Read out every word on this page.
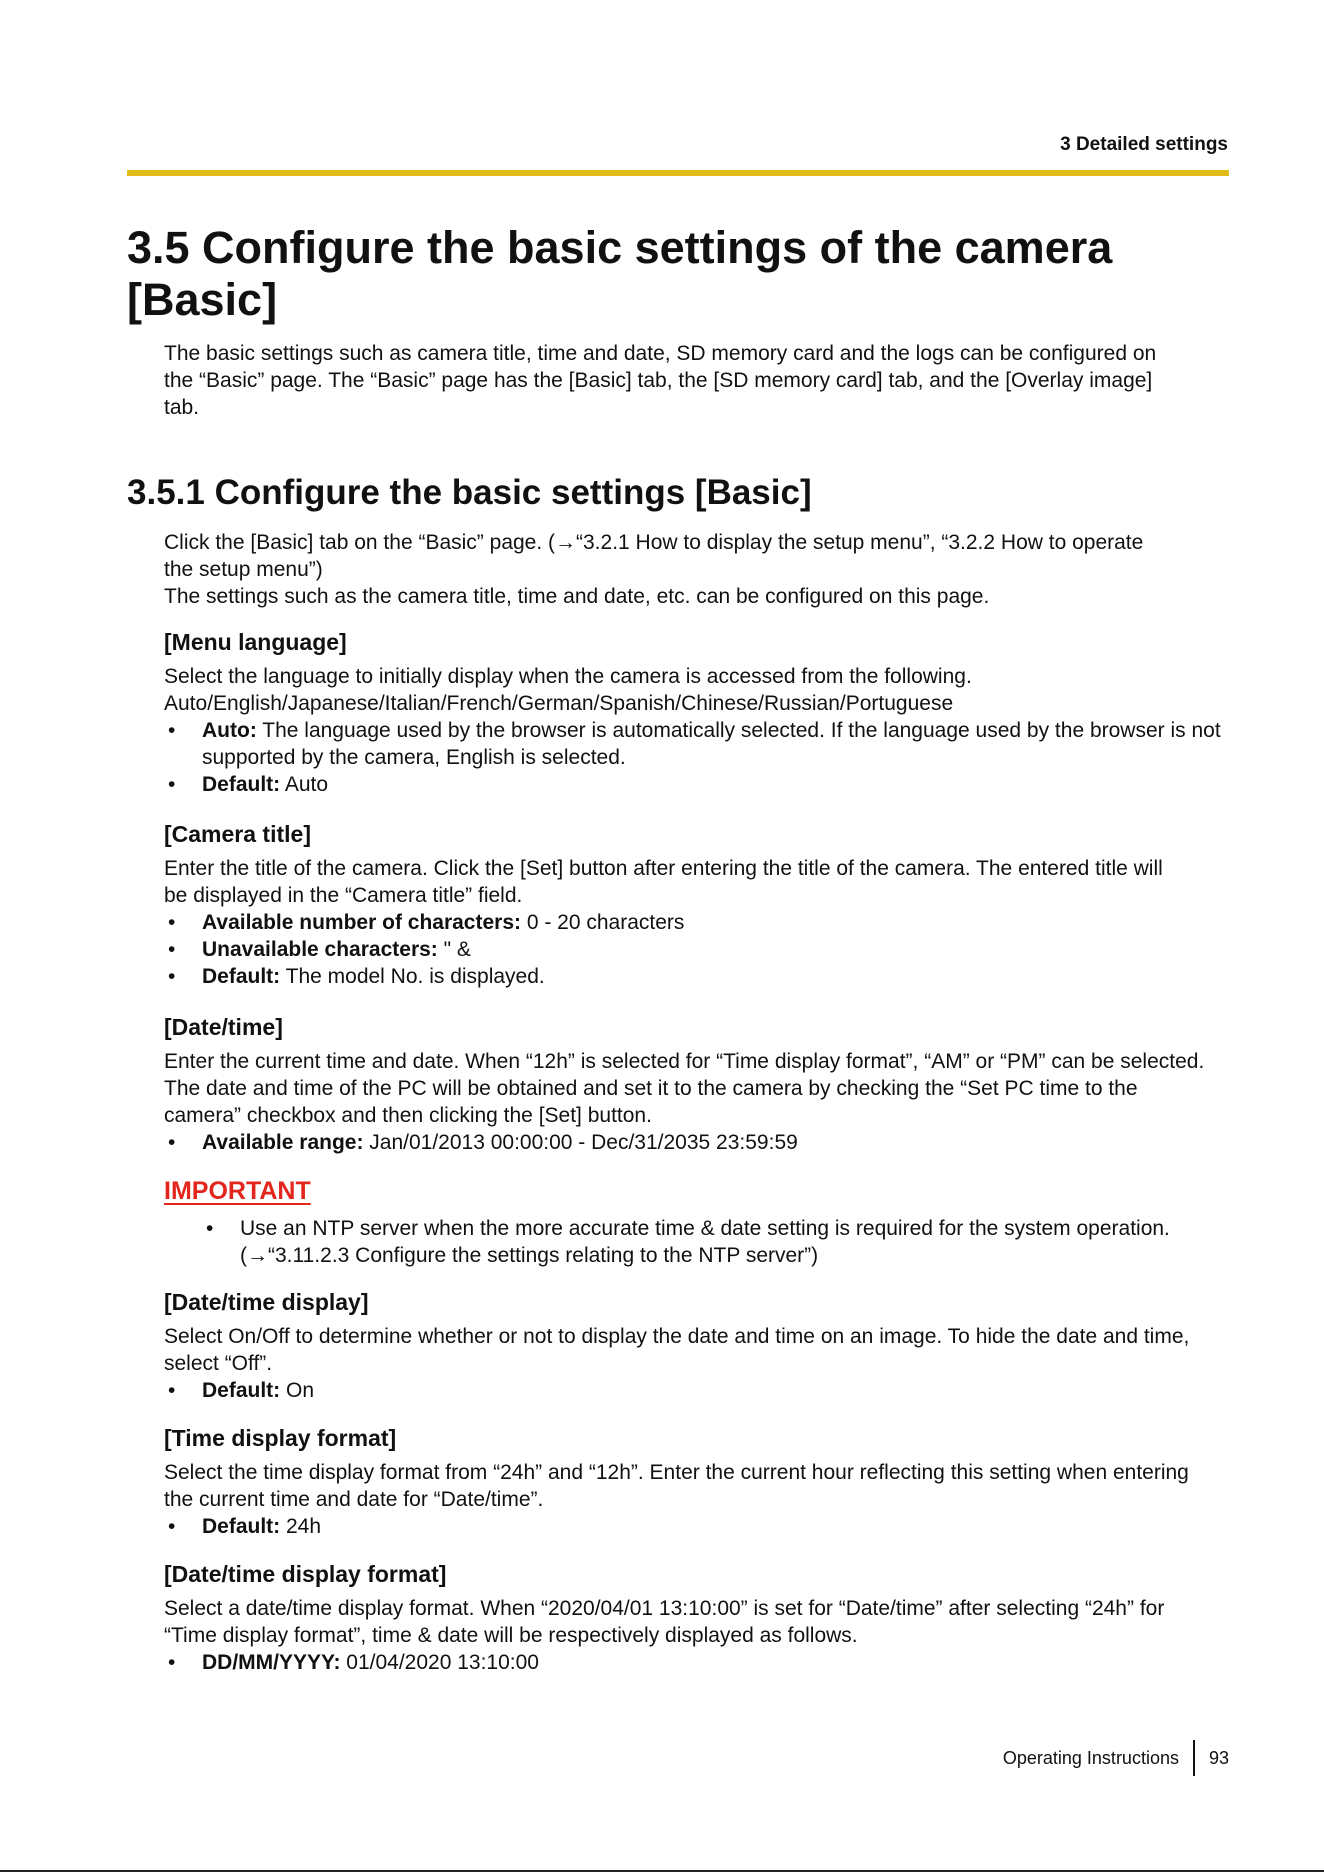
3 Detailed settings
3.5 Configure the basic settings of the camera
[Basic]
The basic settings such as camera title, time and date, SD memory card and the logs can be configured on
the “Basic” page. The “Basic” page has the [Basic] tab, the [SD memory card] tab, and the [Overlay image]
tab.
3.5.1 Configure the basic settings [Basic]
Click the [Basic] tab on the “Basic” page. (→“3.2.1 How to display the setup menu”, “3.2.2 How to operate
the setup menu”)
The settings such as the camera title, time and date, etc. can be configured on this page.
[Menu language]
Select the language to initially display when the camera is accessed from the following.
Auto/English/Japanese/Italian/French/German/Spanish/Chinese/Russian/Portuguese
• Auto: The language used by the browser is automatically selected. If the language used by the browser is not supported by the camera, English is selected.
• Default: Auto
[Camera title]
Enter the title of the camera. Click the [Set] button after entering the title of the camera. The entered title will
be displayed in the “Camera title” field.
• Available number of characters: 0 - 20 characters
• Unavailable characters: " &
• Default: The model No. is displayed.
[Date/time]
Enter the current time and date. When “12h” is selected for “Time display format”, “AM” or “PM” can be selected.
The date and time of the PC will be obtained and set it to the camera by checking the “Set PC time to the
camera” checkbox and then clicking the [Set] button.
• Available range: Jan/01/2013 00:00:00 - Dec/31/2035 23:59:59
IMPORTANT
• Use an NTP server when the more accurate time & date setting is required for the system operation. (→“3.11.2.3 Configure the settings relating to the NTP server”)
[Date/time display]
Select On/Off to determine whether or not to display the date and time on an image. To hide the date and time,
select “Off”.
• Default: On
[Time display format]
Select the time display format from “24h” and “12h”. Enter the current hour reflecting this setting when entering
the current time and date for “Date/time”.
• Default: 24h
[Date/time display format]
Select a date/time display format. When “2020/04/01 13:10:00” is set for “Date/time” after selecting “24h” for
“Time display format”, time & date will be respectively displayed as follows.
• DD/MM/YYYY: 01/04/2020 13:10:00
Operating Instructions 93
